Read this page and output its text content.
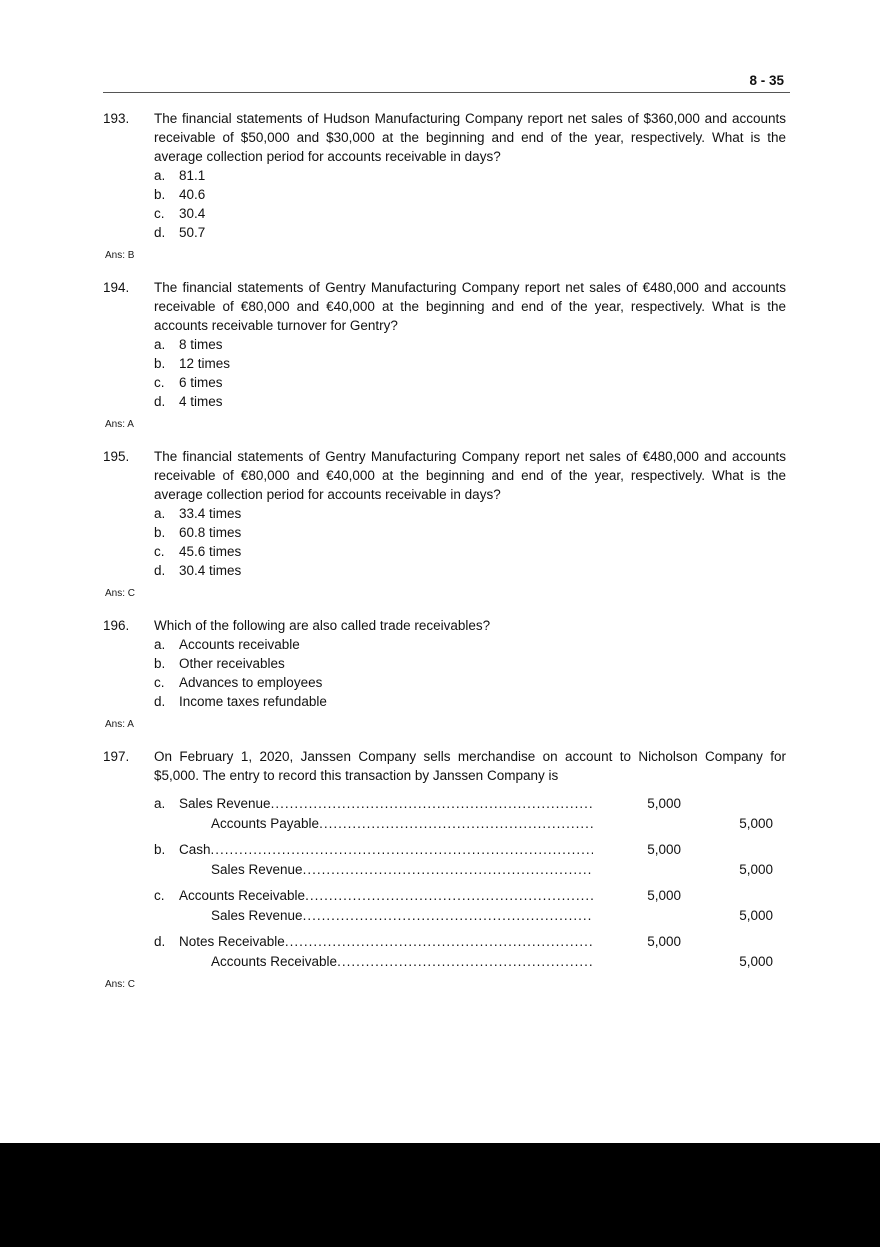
8 - 35
193.	The financial statements of Hudson Manufacturing Company report net sales of $360,000 and accounts receivable of $50,000 and $30,000 at the beginning and end of the year, respectively. What is the average collection period for accounts receivable in days?
a.	81.1
b.	40.6
c.	30.4
d.	50.7
Ans: B
194.	The financial statements of Gentry Manufacturing Company report net sales of €480,000 and accounts receivable of €80,000 and €40,000 at the beginning and end of the year, respectively. What is the accounts receivable turnover for Gentry?
a.	8 times
b.	12 times
c.	6 times
d.	4 times
Ans: A
195.	The financial statements of Gentry Manufacturing Company report net sales of €480,000 and accounts receivable of €80,000 and €40,000 at the beginning and end of the year, respectively. What is the average collection period for accounts receivable in days?
a.	33.4 times
b.	60.8 times
c.	45.6 times
d.	30.4 times
Ans: C
196.	Which of the following are also called trade receivables?
a.	Accounts receivable
b.	Other receivables
c.	Advances to employees
d.	Income taxes refundable
Ans: A
197.	On February 1, 2020, Janssen Company sells merchandise on account to Nicholson Company for $5,000. The entry to record this transaction by Janssen Company is
a.	Sales Revenue .....	5,000
Accounts Payable .....	5,000
b.	Cash .....	5,000
Sales Revenue .....	5,000
c.	Accounts Receivable .....	5,000
Sales Revenue .....	5,000
d.	Notes Receivable .....	5,000
Accounts Receivable .....	5,000
Ans: C
